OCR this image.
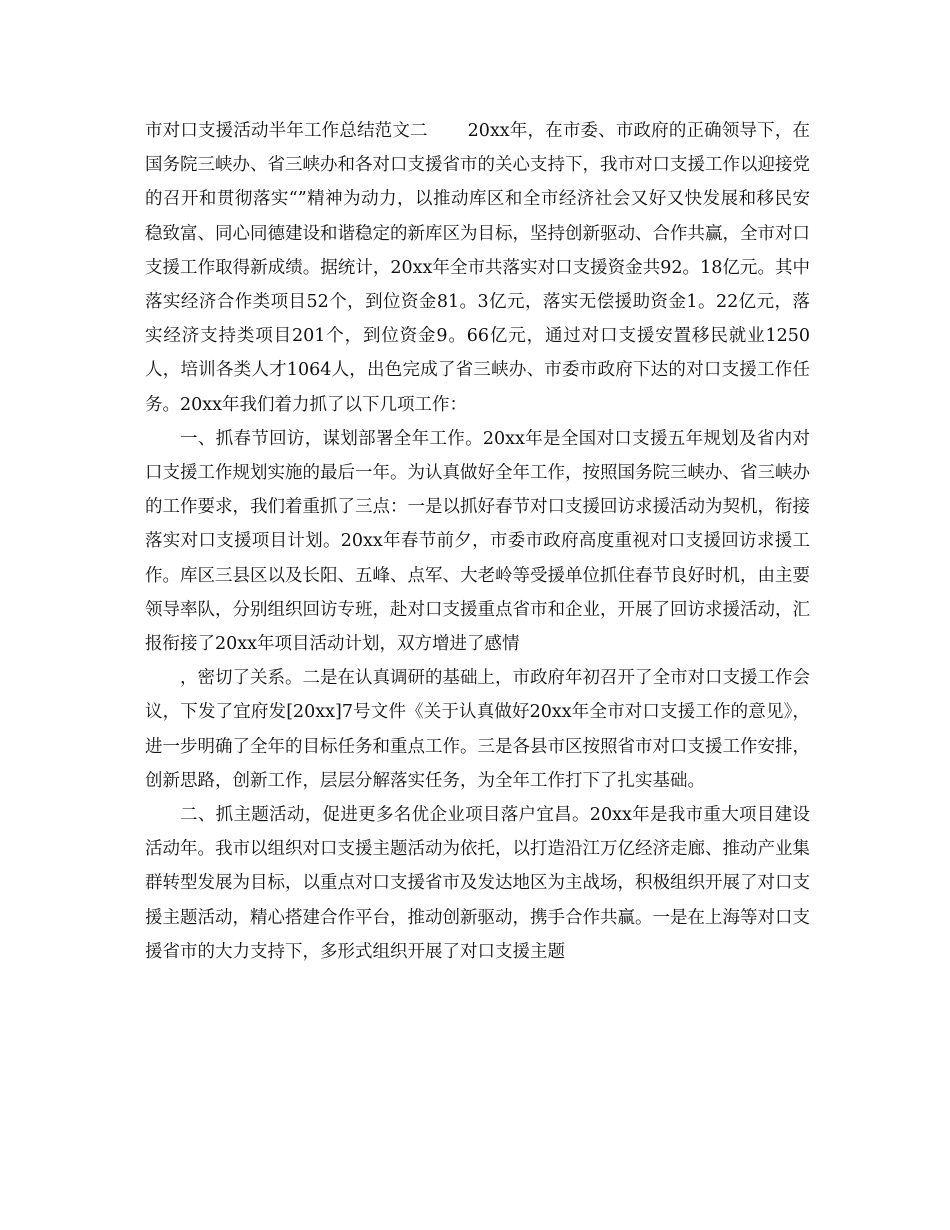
市对口支援活动半年工作总结范文二 20xx年，在市委、市政府的正确领导下，在国务院三峡办、省三峡办和各对口支援省市的关心支持下，我市对口支援工作以迎接党的召开和贯彻落实“”精神为动力，以推动库区和全市经济社会又好又快发展和移民安稳致富、同心同德建设和谐稳定的新库区为目标，坚持创新驱动、合作共赢，全市对口支援工作取得新成绩。据统计，20xx年全市共落实对口支援资金共92。18亿元。其中落实经济合作类项目52个，到位资金81。3亿元，落实无偿援助资金1。22亿元，落实经济支持类项目201个，到位资金9。66亿元，通过对口支援安置移民就业1250人，培训各类人才1064人，出色完成了省三峡办、市委市政府下达的对口支援工作任务。20xx年我们着力抓了以下几项工作：

一、抓春节回访，谋划部署全年工作。20xx年是全国对口支援五年规划及省内对口支援工作规划实施的最后一年。为认真做好全年工作，按照国务院三峡办、省三峡办的工作要求，我们着重抓了三点：一是以抓好春节对口支援回访求援活动为契机，衔接落实对口支援项目计划。20xx年春节前夕，市委市政府高度重视对口支援回访求援工作。库区三县区以及长阳、五峰、点军、大老岭等受援单位抓住春节良好时机，由主要领导率队，分别组织回访专班，赴对口支援重点省市和企业，开展了回访求援活动，汇报衔接了20xx年项目活动计划，双方增进了感情

，密切了关系。二是在认真调研的基础上，市政府年初召开了全市对口支援工作会议，下发了宜府发[20xx]7号文件《关于认真做好20xx年全市对口支援工作的意见》，进一步明确了全年的目标任务和重点工作。三是各县市区按照省市对口支援工作安排，创新思路，创新工作，层层分解落实任务，为全年工作打下了扎实基础。

二、抓主题活动，促进更多名优企业项目落户宜昌。20xx年是我市重大项目建设活动年。我市以组织对口支援主题活动为依托，以打造沿江万亿经济走廊、推动产业集群转型发展为目标，以重点对口支援省市及发达地区为主战场，积极组织开展了对口支援主题活动，精心搭建合作平台，推动创新驱动，携手合作共赢。一是在上海等对口支援省市的大力支持下，多形式组织开展了对口支援主题
